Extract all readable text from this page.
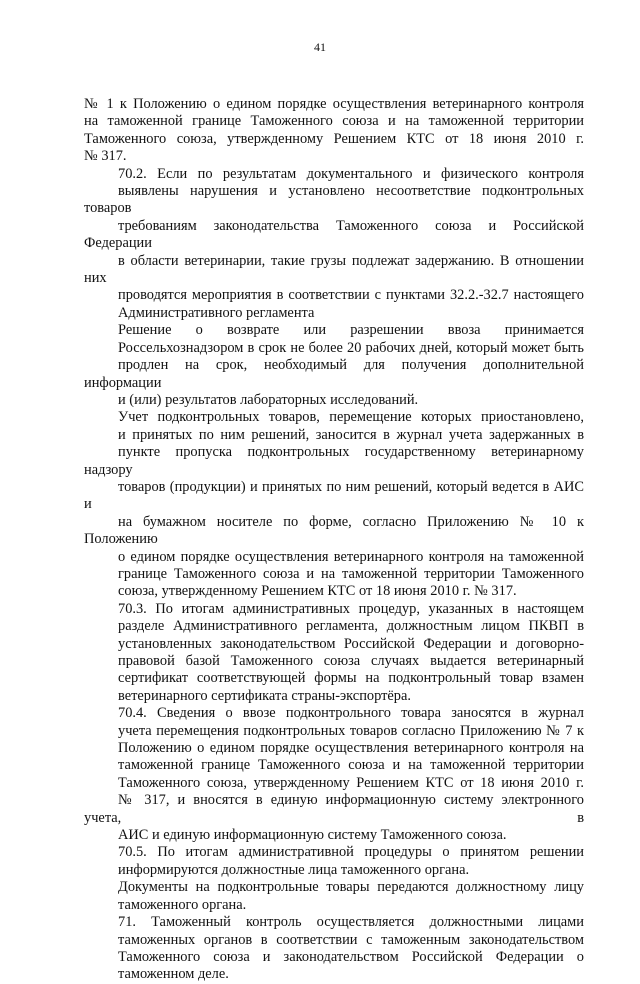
41

№ 1 к Положению о едином порядке осуществления ветеринарного контроля
на таможенной границе Таможенного союза и на таможенной территории
Таможенного союза, утвержденному Решением КТС от 18 июня 2010 г.
№ 317.

70.2. Если по результатам документального и физического контроля
выявлены нарушения и установлено несоответствие подконтрольных товаров
требованиям законодательства Таможенного союза и Российской Федерации
в области ветеринарии, такие грузы подлежат задержанию. В отношении них
проводятся мероприятия в соответствии с пунктами 32.2.-32.7 настоящего
Административного регламента

Решение о возврате или разрешении ввоза принимается
Россельхознадзором в срок не более 20 рабочих дней, который может быть
продлен на срок, необходимый для получения дополнительной информации
и (или) результатов лабораторных исследований.

Учет подконтрольных товаров, перемещение которых приостановлено,
и принятых по ним решений, заносится в журнал учета задержанных в
пункте пропуска подконтрольных государственному ветеринарному надзору
товаров (продукции) и принятых по ним решений, который ведется в АИС и
на бумажном носителе по форме, согласно Приложению № 10 к Положению
о едином порядке осуществления ветеринарного контроля на таможенной
границе Таможенного союза и на таможенной территории Таможенного
союза, утвержденному Решением КТС от 18 июня 2010 г. № 317.

70.3. По итогам административных процедур, указанных в настоящем
разделе Административного регламента, должностным лицом ПКВП в
установленных законодательством Российской Федерации и договорно-
правовой базой Таможенного союза случаях выдается ветеринарный
сертификат соответствующей формы на подконтрольный товар взамен
ветеринарного сертификата страны-экспортёра.

70.4. Сведения о ввозе подконтрольного товара заносятся в журнал
учета перемещения подконтрольных товаров согласно Приложению № 7 к
Положению о едином порядке осуществления ветеринарного контроля на
таможенной границе Таможенного союза и на таможенной территории
Таможенного союза, утвержденному Решением КТС от 18 июня 2010 г.
№ 317, и вносятся в единую информационную систему электронного учета, в
АИС и единую информационную систему Таможенного союза.

70.5. По итогам административной процедуры о принятом решении
информируются должностные лица таможенного органа.

Документы на подконтрольные товары передаются должностному лицу
таможенного органа.

71. Таможенный контроль осуществляется должностными лицами
таможенных органов в соответствии с таможенным законодательством
Таможенного союза и законодательством Российской Федерации о
таможенном деле.
